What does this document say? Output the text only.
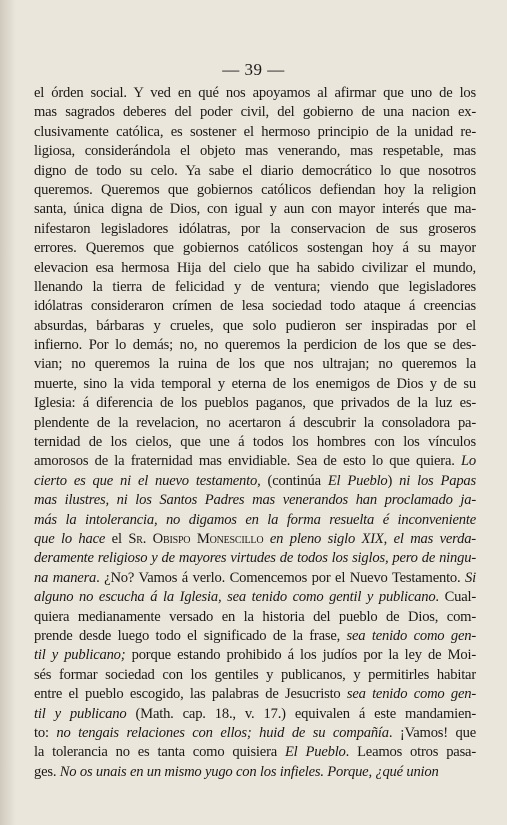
— 39 —
el órden social. Y ved en qué nos apoyamos al afirmar que uno de los
mas sagrados deberes del poder civil, del gobierno de una nacion ex-
clusivamente católica, es sostener el hermoso principio de la unidad re-
ligiosa, considerándola el objeto mas venerando, mas respetable, mas
digno de todo su celo. Ya sabe el diario democrático lo que nosotros
queremos. Queremos que gobiernos católicos defiendan hoy la religion
santa, única digna de Dios, con igual y aun con mayor interés que ma-
nifestaron legisladores idólatras, por la conservacion de sus groseros
errores. Queremos que gobiernos católicos sostengan hoy á su mayor
elevacion esa hermosa Hija del cielo que ha sabido civilizar el mundo,
llenando la tierra de felicidad y de ventura; viendo que legisladores
idólatras consideraron crímen de lesa sociedad todo ataque á creencias
absurdas, bárbaras y crueles, que solo pudieron ser inspiradas por el
infierno. Por lo demás; no, no queremos la perdicion de los que se des-
vian; no queremos la ruina de los que nos ultrajan; no queremos la
muerte, sino la vida temporal y eterna de los enemigos de Dios y de su
Iglesia: á diferencia de los pueblos paganos, que privados de la luz es-
plendente de la revelacion, no acertaron á descubrir la consoladora pa-
ternidad de los cielos, que une á todos los hombres con los vínculos
amorosos de la fraternidad mas envidiable. Sea de esto lo que quiera. Lo
cierto es que ni el nuevo testamento, (continúa El Pueblo) ni los Papas
mas ilustres, ni los Santos Padres mas venerandos han proclamado ja-
más la intolerancia, no digamos en la forma resuelta é inconveniente
que lo hace el Sr. Obispo Monescillo en pleno siglo XIX, el mas verda-
deramente religioso y de mayores virtudes de todos los siglos, pero de ningu-
na manera. ¿No? Vamos á verlo. Comencemos por el Nuevo Testamento. Si
alguno no escucha á la Iglesia, sea tenido como gentil y publicano. Cual-
quiera medianamente versado en la historia del pueblo de Dios, com-
prende desde luego todo el significado de la frase, sea tenido como gen-
til y publicano; porque estando prohibido á los judíos por la ley de Moi-
sés formar sociedad con los gentiles y publicanos, y permitirles habitar
entre el pueblo escogido, las palabras de Jesucristo sea tenido como gen-
til y publicano (Math. cap. 18., v. 17.) equivalen á este mandamien-
to: no tengais relaciones con ellos; huid de su compañía. ¡Vamos! que
la tolerancia no es tanta como quisiera El Pueblo. Leamos otros pasa-
ges. No os unais en un mismo yugo con los infieles. Porque, ¿qué union
